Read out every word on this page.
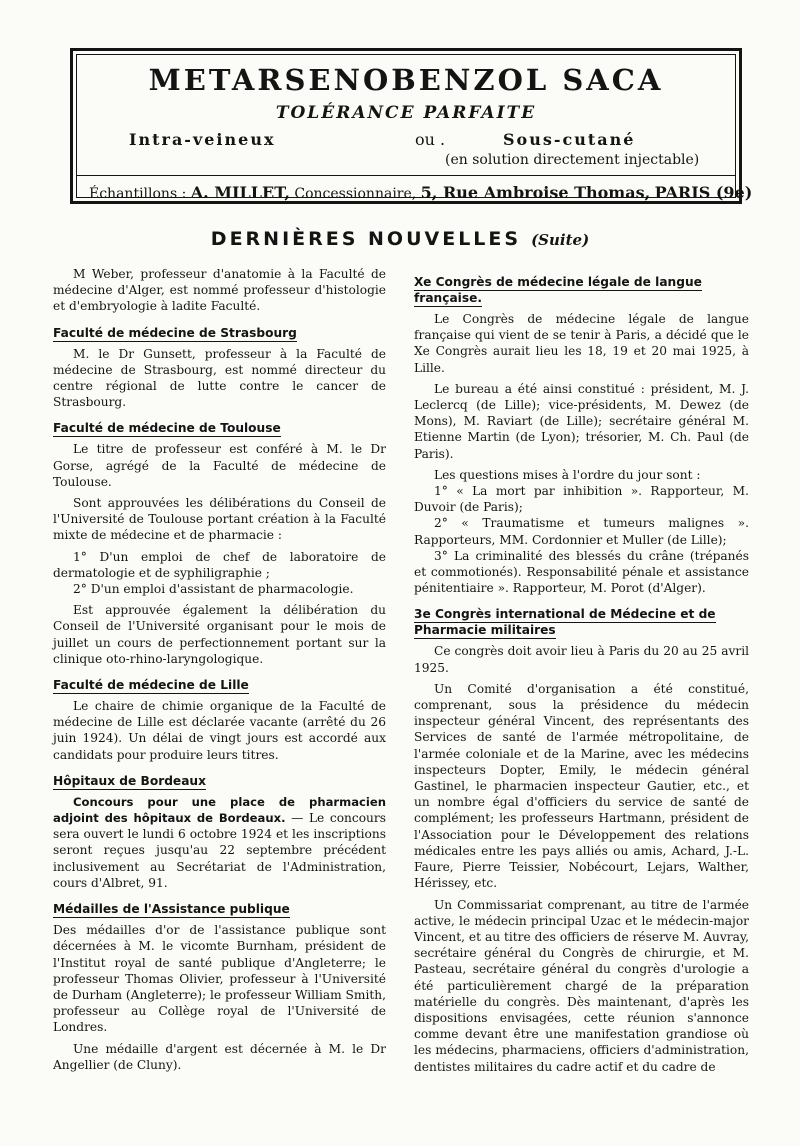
METARSENOBENZOL SACA
TOLÉRANCE PARFAITE
Intra-veineux	ou .	Sous-cutané
(en solution directement injectable)
Échantillons : A. MILLET, Concessionnaire, 5, Rue Ambroise Thomas, PARIS (9e)
DERNIÈRES NOUVELLES (Suite)

M Weber, professeur d'anatomie à la Faculté de médecine d'Alger, est nommé professeur d'histologie et d'embryologie à ladite Faculté.

Faculté de médecine de Strasbourg

M. le Dr Gunsett, professeur à la Faculté de médecine de Strasbourg, est nommé directeur du centre régional de lutte contre le cancer de Strasbourg.

Faculté de médecine de Toulouse

Le titre de professeur est conféré à M. le Dr Gorse, agrégé de la Faculté de médecine de Toulouse.

Sont approuvées les délibérations du Conseil de l'Université de Toulouse portant création à la Faculté mixte de médecine et de pharmacie :

1° D'un emploi de chef de laboratoire de dermatologie et de syphiligraphie ;

2° D'un emploi d'assistant de pharmacologie.

Est approuvée également la délibération du Conseil de l'Université organisant pour le mois de juillet un cours de perfectionnement portant sur la clinique oto-rhino-laryngologique.

Faculté de médecine de Lille

Le chaire de chimie organique de la Faculté de médecine de Lille est déclarée vacante (arrêté du 26 juin 1924). Un délai de vingt jours est accordé aux candidats pour produire leurs titres.

Hôpitaux de Bordeaux

Concours pour une place de pharmacien adjoint des hôpitaux de Bordeaux. — Le concours sera ouvert le lundi 6 octobre 1924 et les inscriptions seront reçues jusqu'au 22 septembre précédent inclusivement au Secrétariat de l'Administration, cours d'Albret, 91.

Médailles de l'Assistance publique

Des médailles d'or de l'assistance publique sont décernées à M. le vicomte Burnham, président de l'Institut royal de santé publique d'Angleterre; le professeur Thomas Olivier, professeur à l'Université de Durham (Angleterre); le professeur William Smith, professeur au Collège royal de l'Université de Londres.

Une médaille d'argent est décernée à M. le Dr Angellier (de Cluny).

Xe Congrès de médecine légale de langue française.

Le Congrès de médecine légale de langue française qui vient de se tenir à Paris, a décidé que le Xe Congrès aurait lieu les 18, 19 et 20 mai 1925, à Lille.

Le bureau a été ainsi constitué : président, M. J. Leclercq (de Lille); vice-présidents, M. Dewez (de Mons), M. Raviart (de Lille); secrétaire général M. Etienne Martin (de Lyon); trésorier, M. Ch. Paul (de Paris).

Les questions mises à l'ordre du jour sont :

1° « La mort par inhibition ». Rapporteur, M. Duvoir (de Paris);

2° « Traumatisme et tumeurs malignes ». Rapporteurs, MM. Cordonnier et Muller (de Lille);

3° La criminalité des blessés du crâne (trépanés et commotionés). Responsabilité pénale et assistance pénitentiaire ». Rapporteur, M. Porot (d'Alger).

3e Congrès international de Médecine et de Pharmacie militaires

Ce congrès doit avoir lieu à Paris du 20 au 25 avril 1925.

Un Comité d'organisation a été constitué, comprenant, sous la présidence du médecin inspecteur général Vincent, des représentants des Services de santé de l'armée métropolitaine, de l'armée coloniale et de la Marine, avec les médecins inspecteurs Dopter, Emily, le médecin général Gastinel, le pharmacien inspecteur Gautier, etc., et un nombre égal d'officiers du service de santé de complément; les professeurs Hartmann, président de l'Association pour le Développement des relations médicales entre les pays alliés ou amis, Achard, J.-L. Faure, Pierre Teissier, Nobécourt, Lejars, Walther, Hérissey, etc.

Un Commissariat comprenant, au titre de l'armée active, le médecin principal Uzac et le médecin-major Vincent, et au titre des officiers de réserve M. Auvray, secrétaire général du Congrès de chirurgie, et M. Pasteau, secrétaire général du congrès d'urologie a été particulièrement chargé de la préparation matérielle du congrès. Dès maintenant, d'après les dispositions envisagées, cette réunion s'annonce comme devant être une manifestation grandiose où les médecins, pharmaciens, officiers d'administration, dentistes militaires du cadre actif et du cadre de
